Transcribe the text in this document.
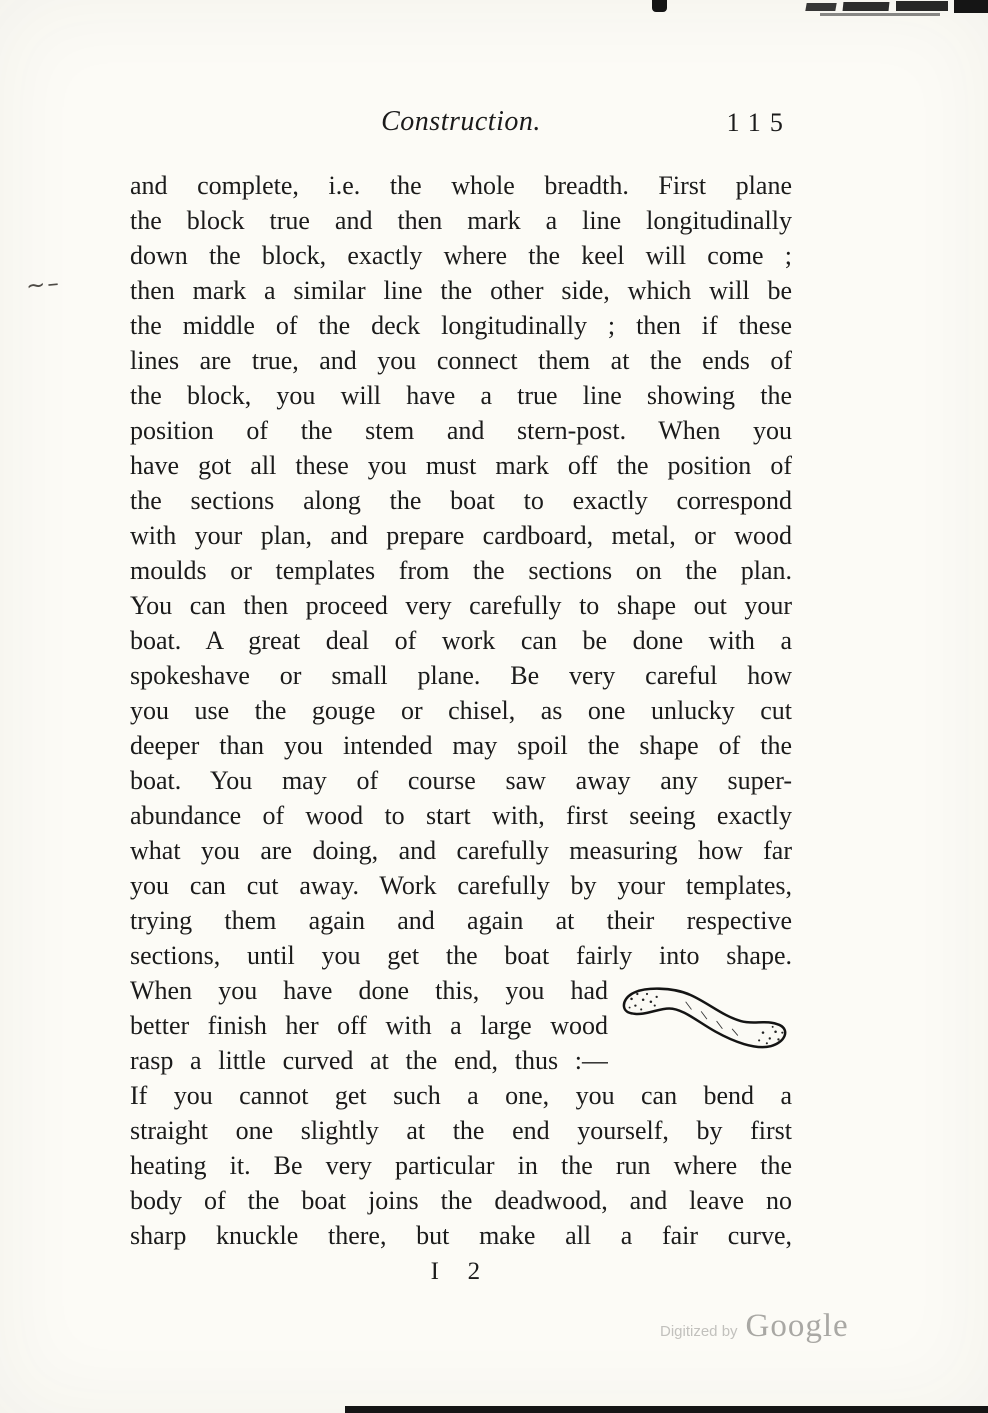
~–
Construction.	115
and complete, i.e. the whole breadth. First plane
the block true and then mark a line longitudinally
down the block, exactly where the keel will come ;
then mark a similar line the other side, which will be
the middle of the deck longitudinally ; then if these
lines are true, and you connect them at the ends of
the block, you will have a true line showing the
position of the stem and stern-post. When you
have got all these you must mark off the position of
the sections along the boat to exactly correspond
with your plan, and prepare cardboard, metal, or wood
moulds or templates from the sections on the plan.
You can then proceed very carefully to shape out your
boat. A great deal of work can be done with a
spokeshave or small plane. Be very careful how
you use the gouge or chisel, as one unlucky cut
deeper than you intended may spoil the shape of the
boat. You may of course saw away any super-
abundance of wood to start with, first seeing exactly
what you are doing, and carefully measuring how far
you can cut away. Work carefully by your templates,
trying them again and again at their respective
sections, until you get the boat fairly into shape.
When you have done this, you had
better finish her off with a large wood
rasp a little curved at the end, thus :—
If you cannot get such a one, you can bend a
straight one slightly at the end yourself, by first
heating it. Be very particular in the run where the
body of the boat joins the deadwood, and leave no
sharp knuckle there, but make all a fair curve,
I 2
Digitized by Google
